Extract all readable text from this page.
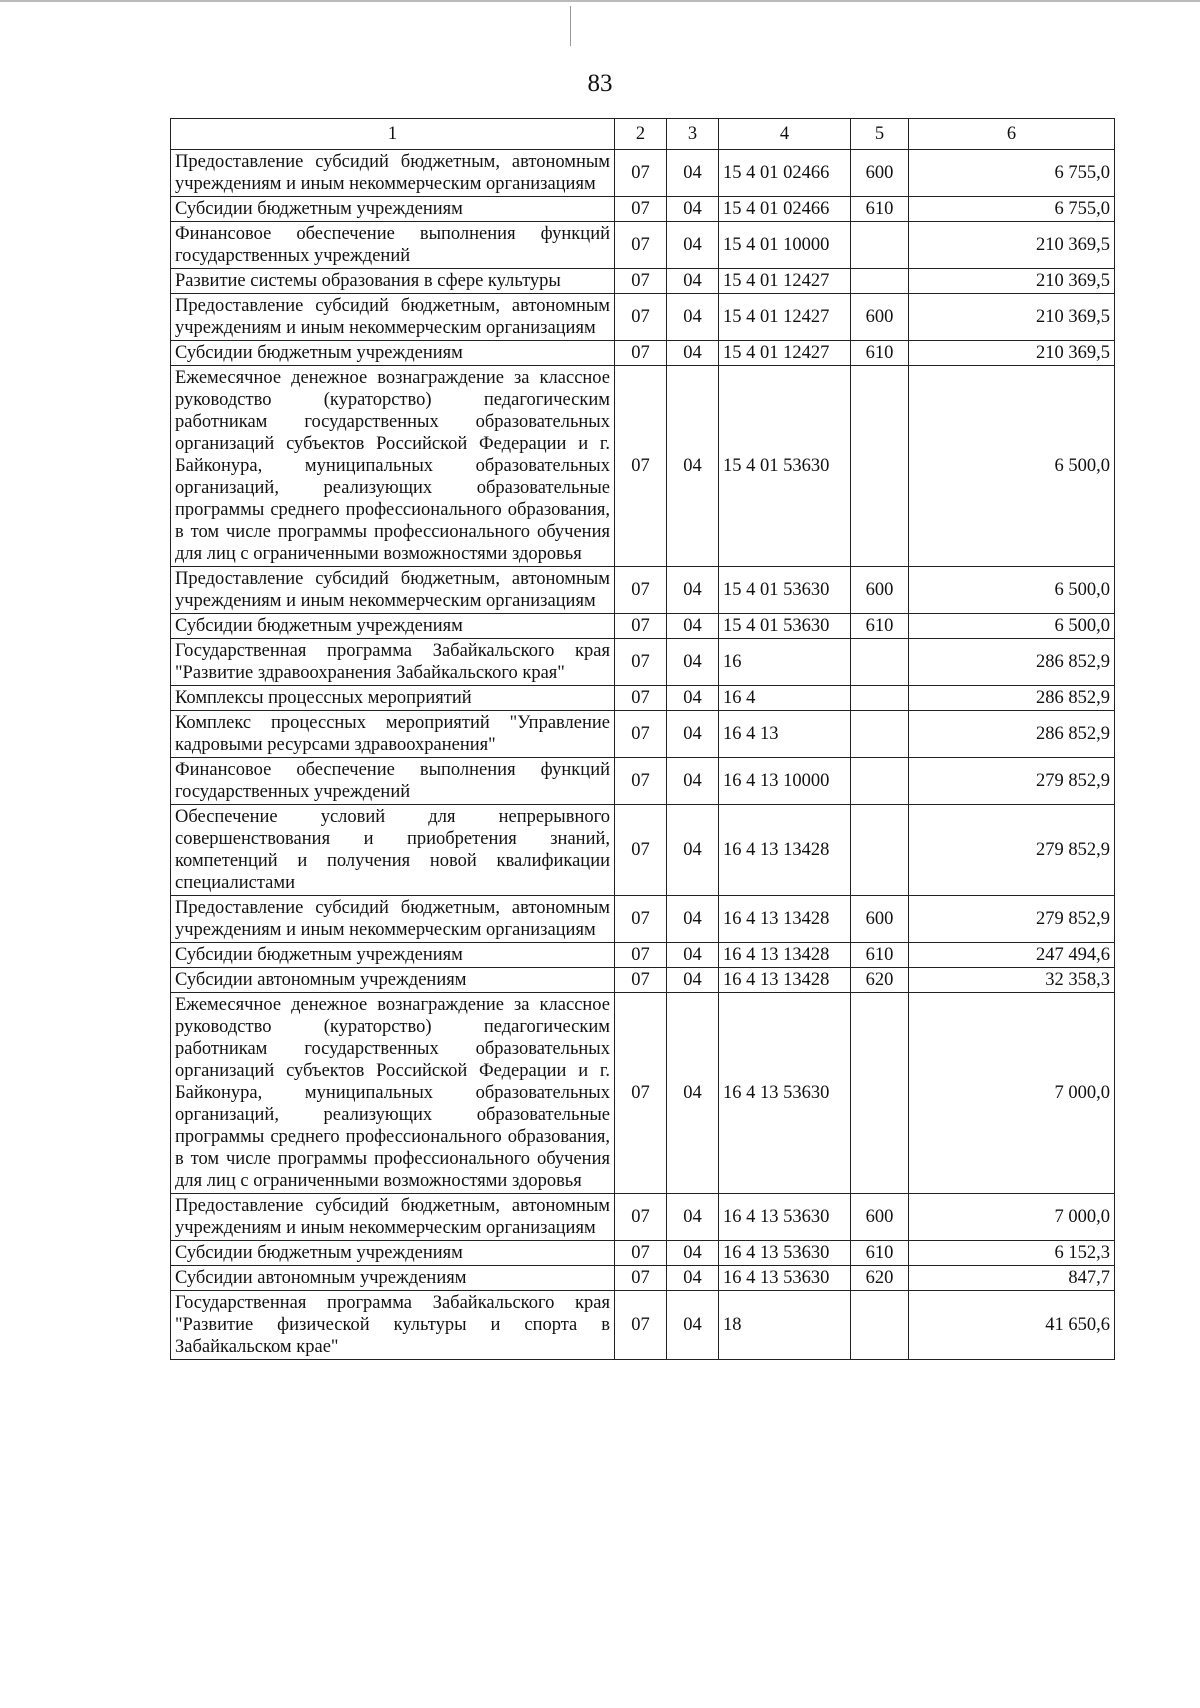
83
1	2	3	4	5	6
Предоставление субсидий бюджетным, автономным учреждениям и иным некоммерческим организациям	07	04	15 4 01 02466	600	6 755,0
Субсидии бюджетным учреждениям	07	04	15 4 01 02466	610	6 755,0
Финансовое обеспечение выполнения функций государственных учреждений	07	04	15 4 01 10000		210 369,5
Развитие системы образования в сфере культуры	07	04	15 4 01 12427		210 369,5
Предоставление субсидий бюджетным, автономным учреждениям и иным некоммерческим организациям	07	04	15 4 01 12427	600	210 369,5
Субсидии бюджетным учреждениям	07	04	15 4 01 12427	610	210 369,5
Ежемесячное денежное вознаграждение за классное руководство (кураторство) педагогическим работникам государственных образовательных организаций субъектов Российской Федерации и г. Байконура, муниципальных образовательных организаций, реализующих образовательные программы среднего профессионального образования, в том числе программы профессионального обучения для лиц с ограниченными возможностями здоровья	07	04	15 4 01 53630		6 500,0
Предоставление субсидий бюджетным, автономным учреждениям и иным некоммерческим организациям	07	04	15 4 01 53630	600	6 500,0
Субсидии бюджетным учреждениям	07	04	15 4 01 53630	610	6 500,0
Государственная программа Забайкальского края "Развитие здравоохранения Забайкальского края"	07	04	16		286 852,9
Комплексы процессных мероприятий	07	04	16 4		286 852,9
Комплекс процессных мероприятий "Управление кадровыми ресурсами здравоохранения"	07	04	16 4 13		286 852,9
Финансовое обеспечение выполнения функций государственных учреждений	07	04	16 4 13 10000		279 852,9
Обеспечение условий для непрерывного совершенствования и приобретения знаний, компетенций и получения новой квалификации специалистами	07	04	16 4 13 13428		279 852,9
Предоставление субсидий бюджетным, автономным учреждениям и иным некоммерческим организациям	07	04	16 4 13 13428	600	279 852,9
Субсидии бюджетным учреждениям	07	04	16 4 13 13428	610	247 494,6
Субсидии автономным учреждениям	07	04	16 4 13 13428	620	32 358,3
Ежемесячное денежное вознаграждение за классное руководство (кураторство) педагогическим работникам государственных образовательных организаций субъектов Российской Федерации и г. Байконура, муниципальных образовательных организаций, реализующих образовательные программы среднего профессионального образования, в том числе программы профессионального обучения для лиц с ограниченными возможностями здоровья	07	04	16 4 13 53630		7 000,0
Предоставление субсидий бюджетным, автономным учреждениям и иным некоммерческим организациям	07	04	16 4 13 53630	600	7 000,0
Субсидии бюджетным учреждениям	07	04	16 4 13 53630	610	6 152,3
Субсидии автономным учреждениям	07	04	16 4 13 53630	620	847,7
Государственная программа Забайкальского края "Развитие физической культуры и спорта в Забайкальском крае"	07	04	18		41 650,6
